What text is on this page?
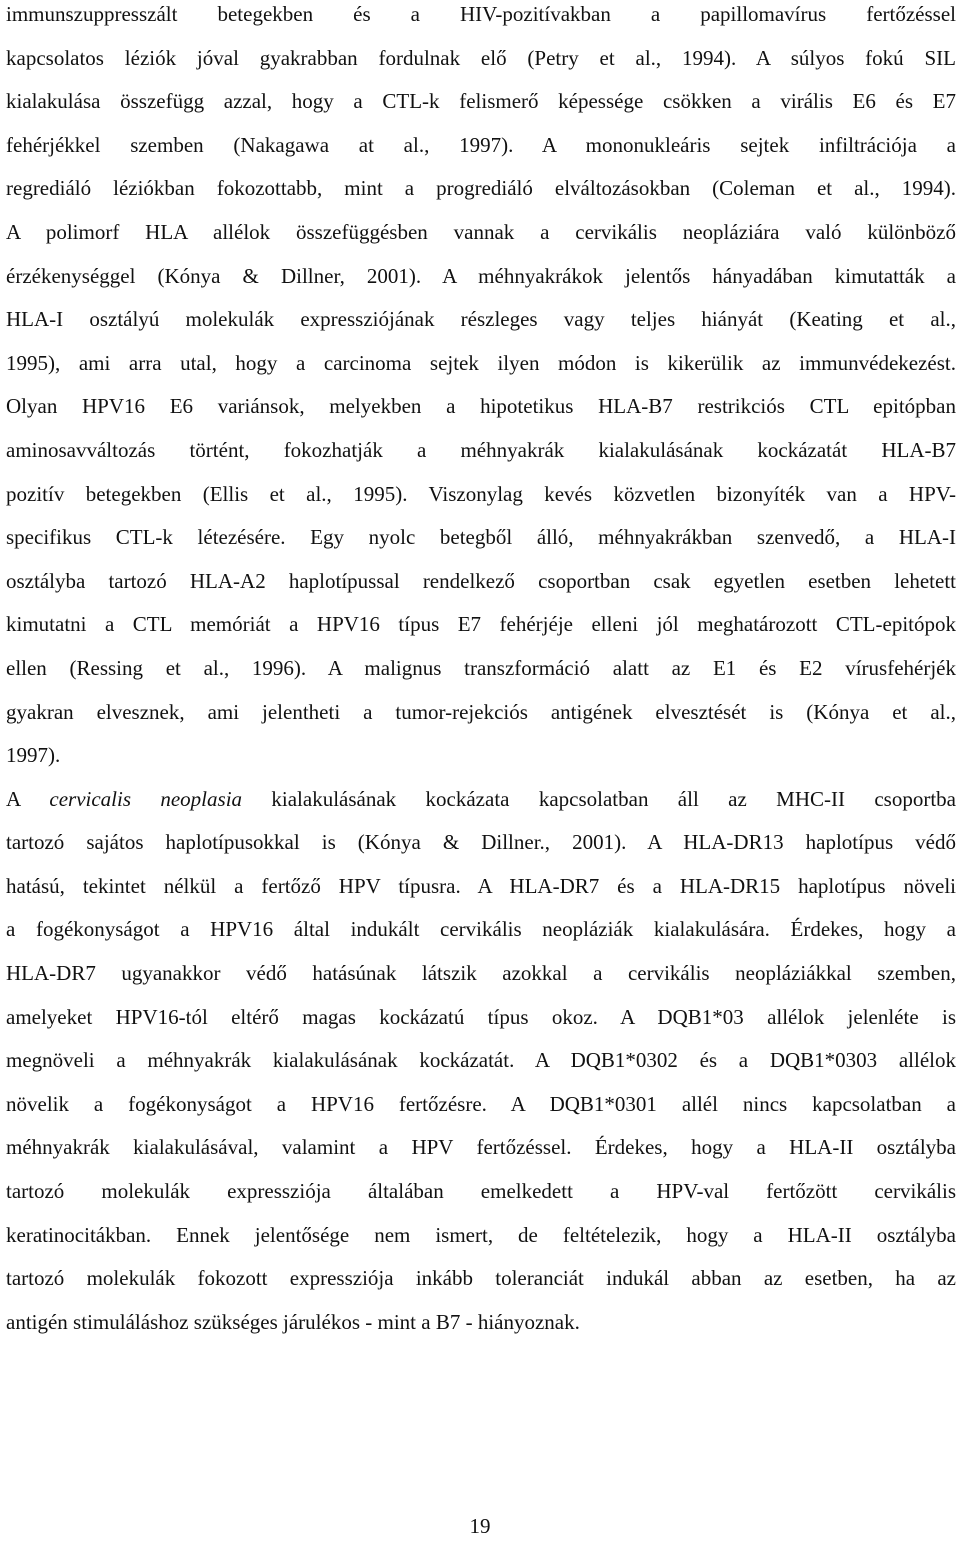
immunszuppresszált betegekben és a HIV-pozitívakban a papillomavírus fertőzéssel
kapcsolatos léziók jóval gyakrabban fordulnak elő (Petry et al., 1994). A súlyos fokú SIL
kialakulása összefügg azzal, hogy a CTL-k felismerő képessége csökken a virális E6 és E7
fehérjékkel szemben (Nakagawa at al., 1997). A mononukleáris sejtek infiltrációja a
regrediáló léziókban fokozottabb, mint a progrediáló elváltozásokban (Coleman et al., 1994).
A polimorf HLA allélok összefüggésben vannak a cervikális neopláziára való különböző
érzékenységgel (Kónya & Dillner, 2001). A méhnyakrákok jelentős hányadában kimutatták a
HLA-I osztályú molekulák expressziójának részleges vagy teljes hiányát (Keating et al.,
1995), ami arra utal, hogy a carcinoma sejtek ilyen módon is kikerülik az immunvédekezést.
Olyan HPV16 E6 variánsok, melyekben a hipotetikus HLA-B7 restrikciós CTL epitópban
aminosavváltozás történt, fokozhatják a méhnyakrák kialakulásának kockázatát HLA-B7
pozitív betegekben (Ellis et al., 1995). Viszonylag kevés közvetlen bizonyíték van a HPV-
specifikus CTL-k létezésére. Egy nyolc betegből álló, méhnyakrákban szenvedő, a HLA-I
osztályba tartozó HLA-A2 haplotípussal rendelkező csoportban csak egyetlen esetben lehetett
kimutatni a CTL memóriát a HPV16 típus E7 fehérjéje elleni jól meghatározott CTL-epitópok
ellen (Ressing et al., 1996). A malignus transzformáció alatt az E1 és E2 vírusfehérjék
gyakran elvesznek, ami jelentheti a tumor-rejekciós antigének elvesztését is (Kónya et al.,
1997).
A cervicalis neoplasia kialakulásának kockázata kapcsolatban áll az MHC-II csoportba
tartozó sajátos haplotípusokkal is (Kónya & Dillner., 2001). A HLA-DR13 haplotípus védő
hatású, tekintet nélkül a fertőző HPV típusra. A HLA-DR7 és a HLA-DR15 haplotípus növeli
a fogékonyságot a HPV16 által indukált cervikális neopláziák kialakulására. Érdekes, hogy a
HLA-DR7 ugyanakkor védő hatásúnak látszik azokkal a cervikális neopláziákkal szemben,
amelyeket HPV16-tól eltérő magas kockázatú típus okoz. A DQB1*03 allélok jelenléte is
megnöveli a méhnyakrák kialakulásának kockázatát. A DQB1*0302 és a DQB1*0303 allélok
növelik a fogékonyságot a HPV16 fertőzésre. A DQB1*0301 allél nincs kapcsolatban a
méhnyakrák kialakulásával, valamint a HPV fertőzéssel. Érdekes, hogy a HLA-II osztályba
tartozó molekulák expressziója általában emelkedett a HPV-val fertőzött cervikális
keratinocitákban. Ennek jelentősége nem ismert, de feltételezik, hogy a HLA-II osztályba
tartozó molekulák fokozott expressziója inkább toleranciát indukál abban az esetben, ha az
antigén stimuláláshoz szükséges járulékos - mint a B7 - hiányoznak.
19
